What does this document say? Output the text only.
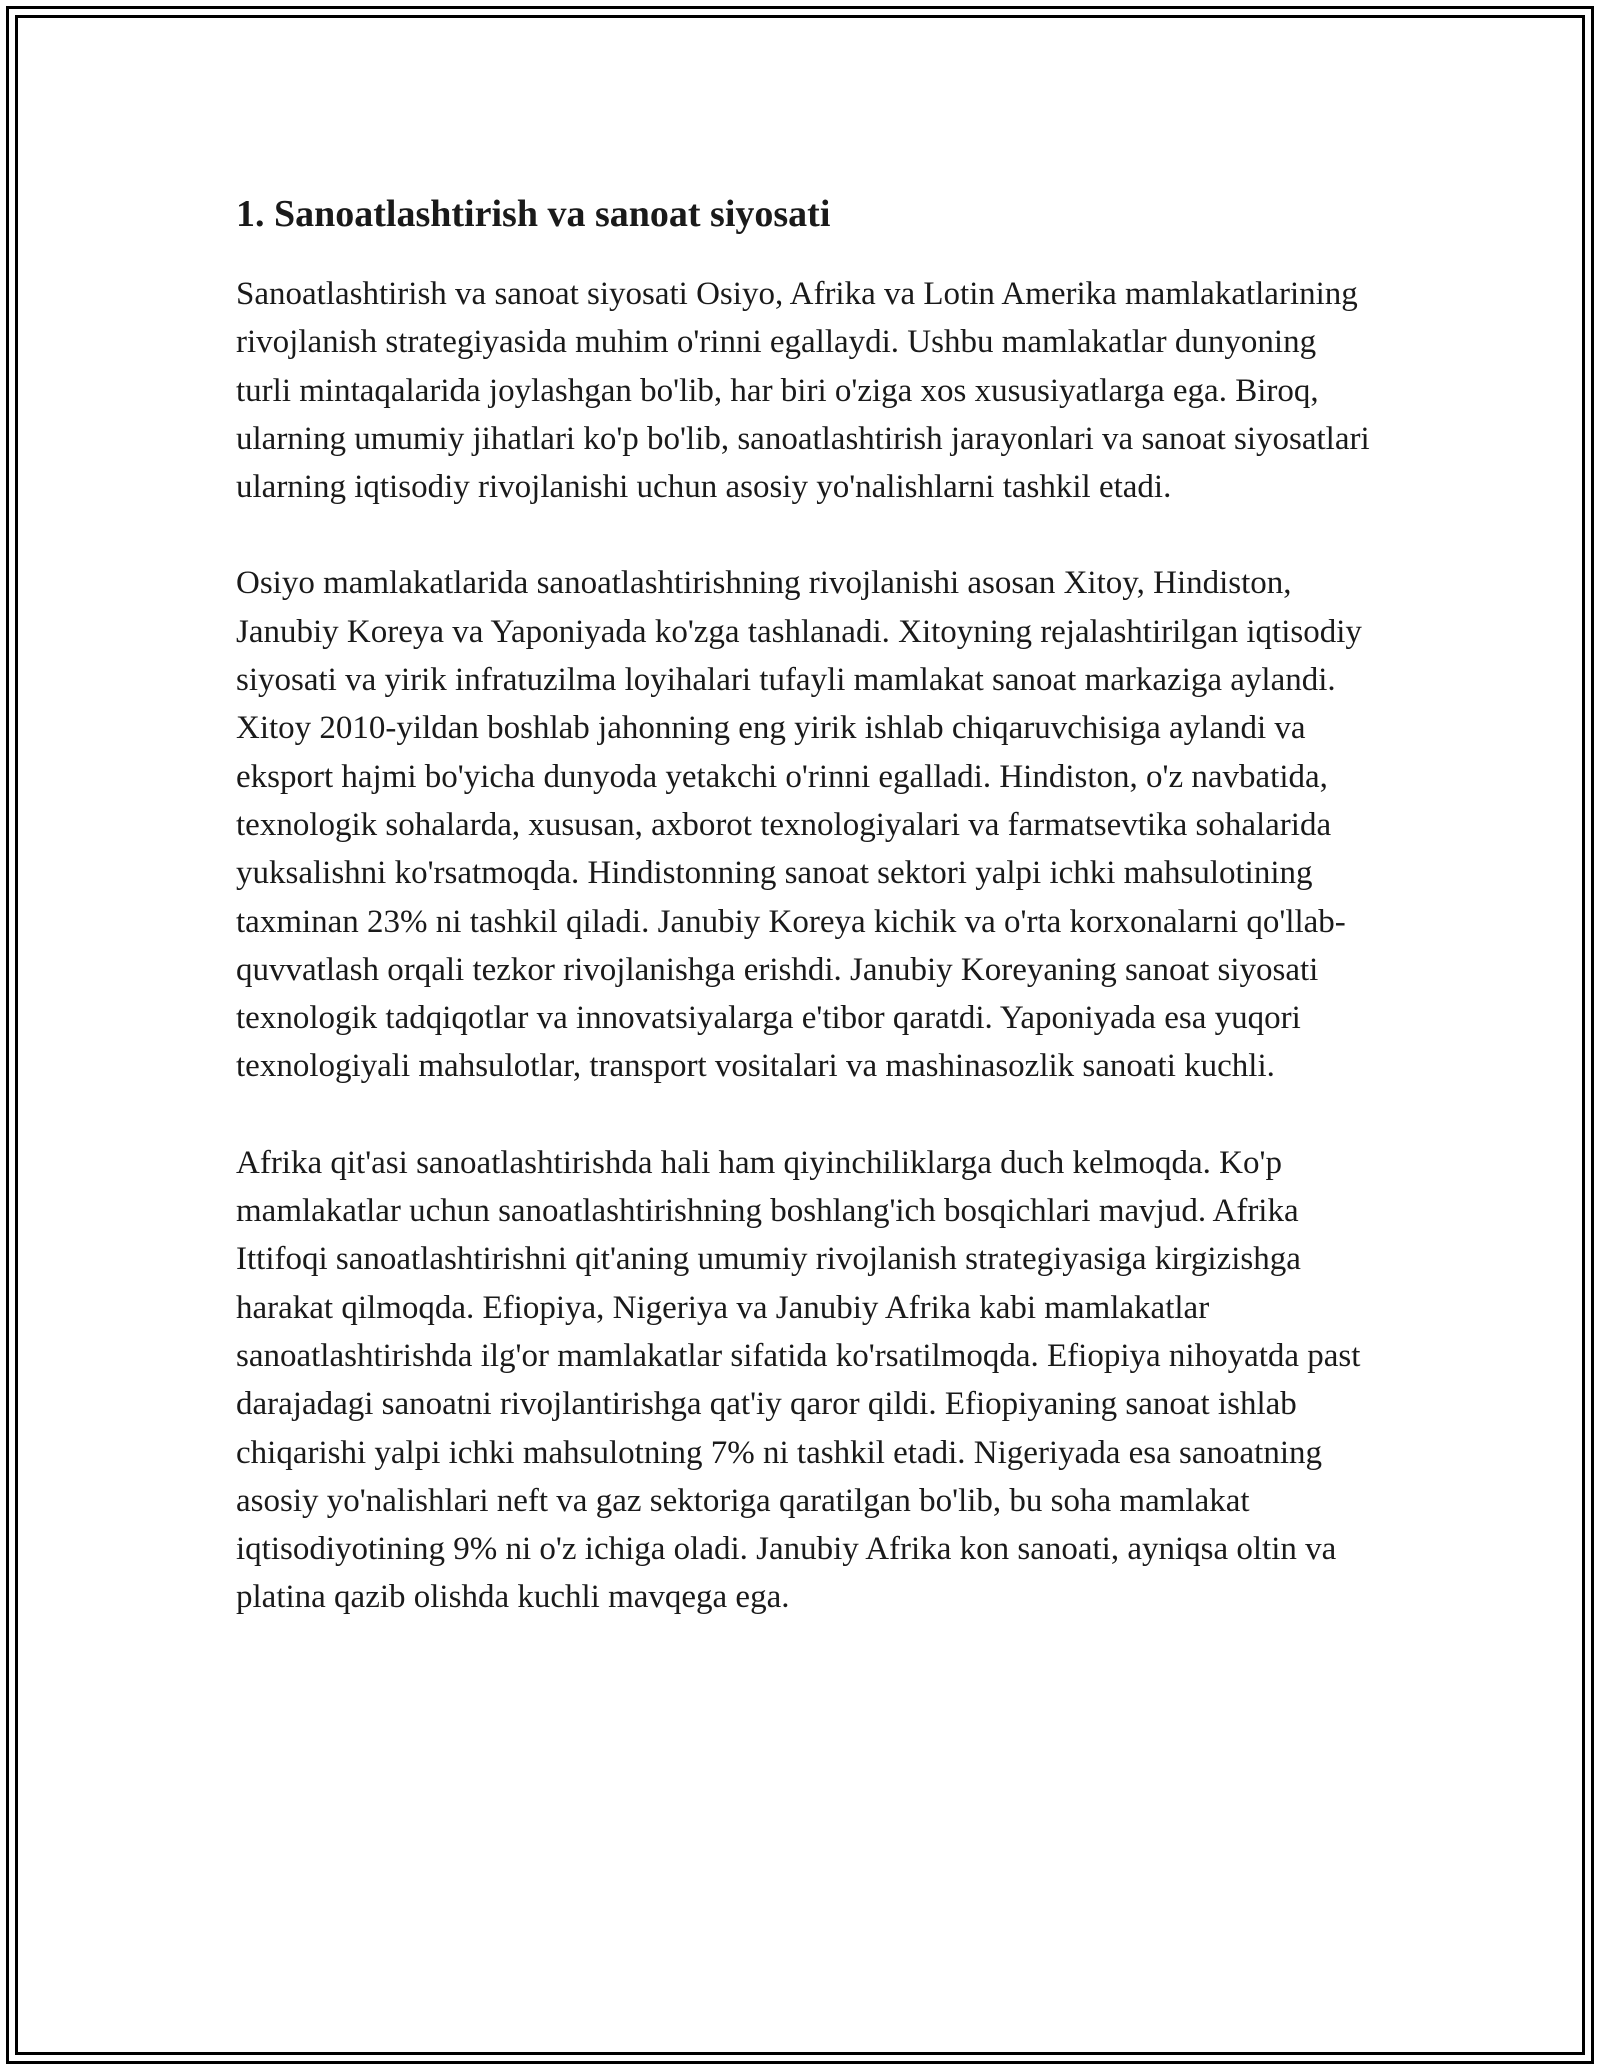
1. Sanoatlashtirish va sanoat siyosati

Sanoatlashtirish va sanoat siyosati Osiyo, Afrika va Lotin Amerika mamlakatlarining rivojlanish strategiyasida muhim o'rinni egallaydi. Ushbu mamlakatlar dunyoning turli mintaqalarida joylashgan bo'lib, har biri o'ziga xos xususiyatlarga ega. Biroq, ularning umumiy jihatlari ko'p bo'lib, sanoatlashtirish jarayonlari va sanoat siyosatlari ularning iqtisodiy rivojlanishi uchun asosiy yo'nalishlarni tashkil etadi.

Osiyo mamlakatlarida sanoatlashtirishning rivojlanishi asosan Xitoy, Hindiston, Janubiy Koreya va Yaponiyada ko'zga tashlanadi. Xitoyning rejalashtirilgan iqtisodiy siyosati va yirik infratuzilma loyihalari tufayli mamlakat sanoat markaziga aylandi. Xitoy 2010-yildan boshlab jahonning eng yirik ishlab chiqaruvchisiga aylandi va eksport hajmi bo'yicha dunyoda yetakchi o'rinni egalladi. Hindiston, o'z navbatida, texnologik sohalarda, xususan, axborot texnologiyalari va farmatsevtika sohalarida yuksalishni ko'rsatmoqda. Hindistonning sanoat sektori yalpi ichki mahsulotining taxminan 23% ni tashkil qiladi. Janubiy Koreya kichik va o'rta korxonalarni qo'llab-quvvatlash orqali tezkor rivojlanishga erishdi. Janubiy Koreyaning sanoat siyosati texnologik tadqiqotlar va innovatsiyalarga e'tibor qaratdi. Yaponiyada esa yuqori texnologiyali mahsulotlar, transport vositalari va mashinasozlik sanoati kuchli.

Afrika qit'asi sanoatlashtirishda hali ham qiyinchiliklarga duch kelmoqda. Ko'p mamlakatlar uchun sanoatlashtirishning boshlang'ich bosqichlari mavjud. Afrika Ittifoqi sanoatlashtirishni qit'aning umumiy rivojlanish strategiyasiga kirgizishga harakat qilmoqda. Efiopiya, Nigeriya va Janubiy Afrika kabi mamlakatlar sanoatlashtirishda ilg'or mamlakatlar sifatida ko'rsatilmoqda. Efiopiya nihoyatda past darajadagi sanoatni rivojlantirishga qat'iy qaror qildi. Efiopiyaning sanoat ishlab chiqarishi yalpi ichki mahsulotning 7% ni tashkil etadi. Nigeriyada esa sanoatning asosiy yo'nalishlari neft va gaz sektoriga qaratilgan bo'lib, bu soha mamlakat iqtisodiyotining 9% ni o'z ichiga oladi. Janubiy Afrika kon sanoati, ayniqsa oltin va platina qazib olishda kuchli mavqega ega.
